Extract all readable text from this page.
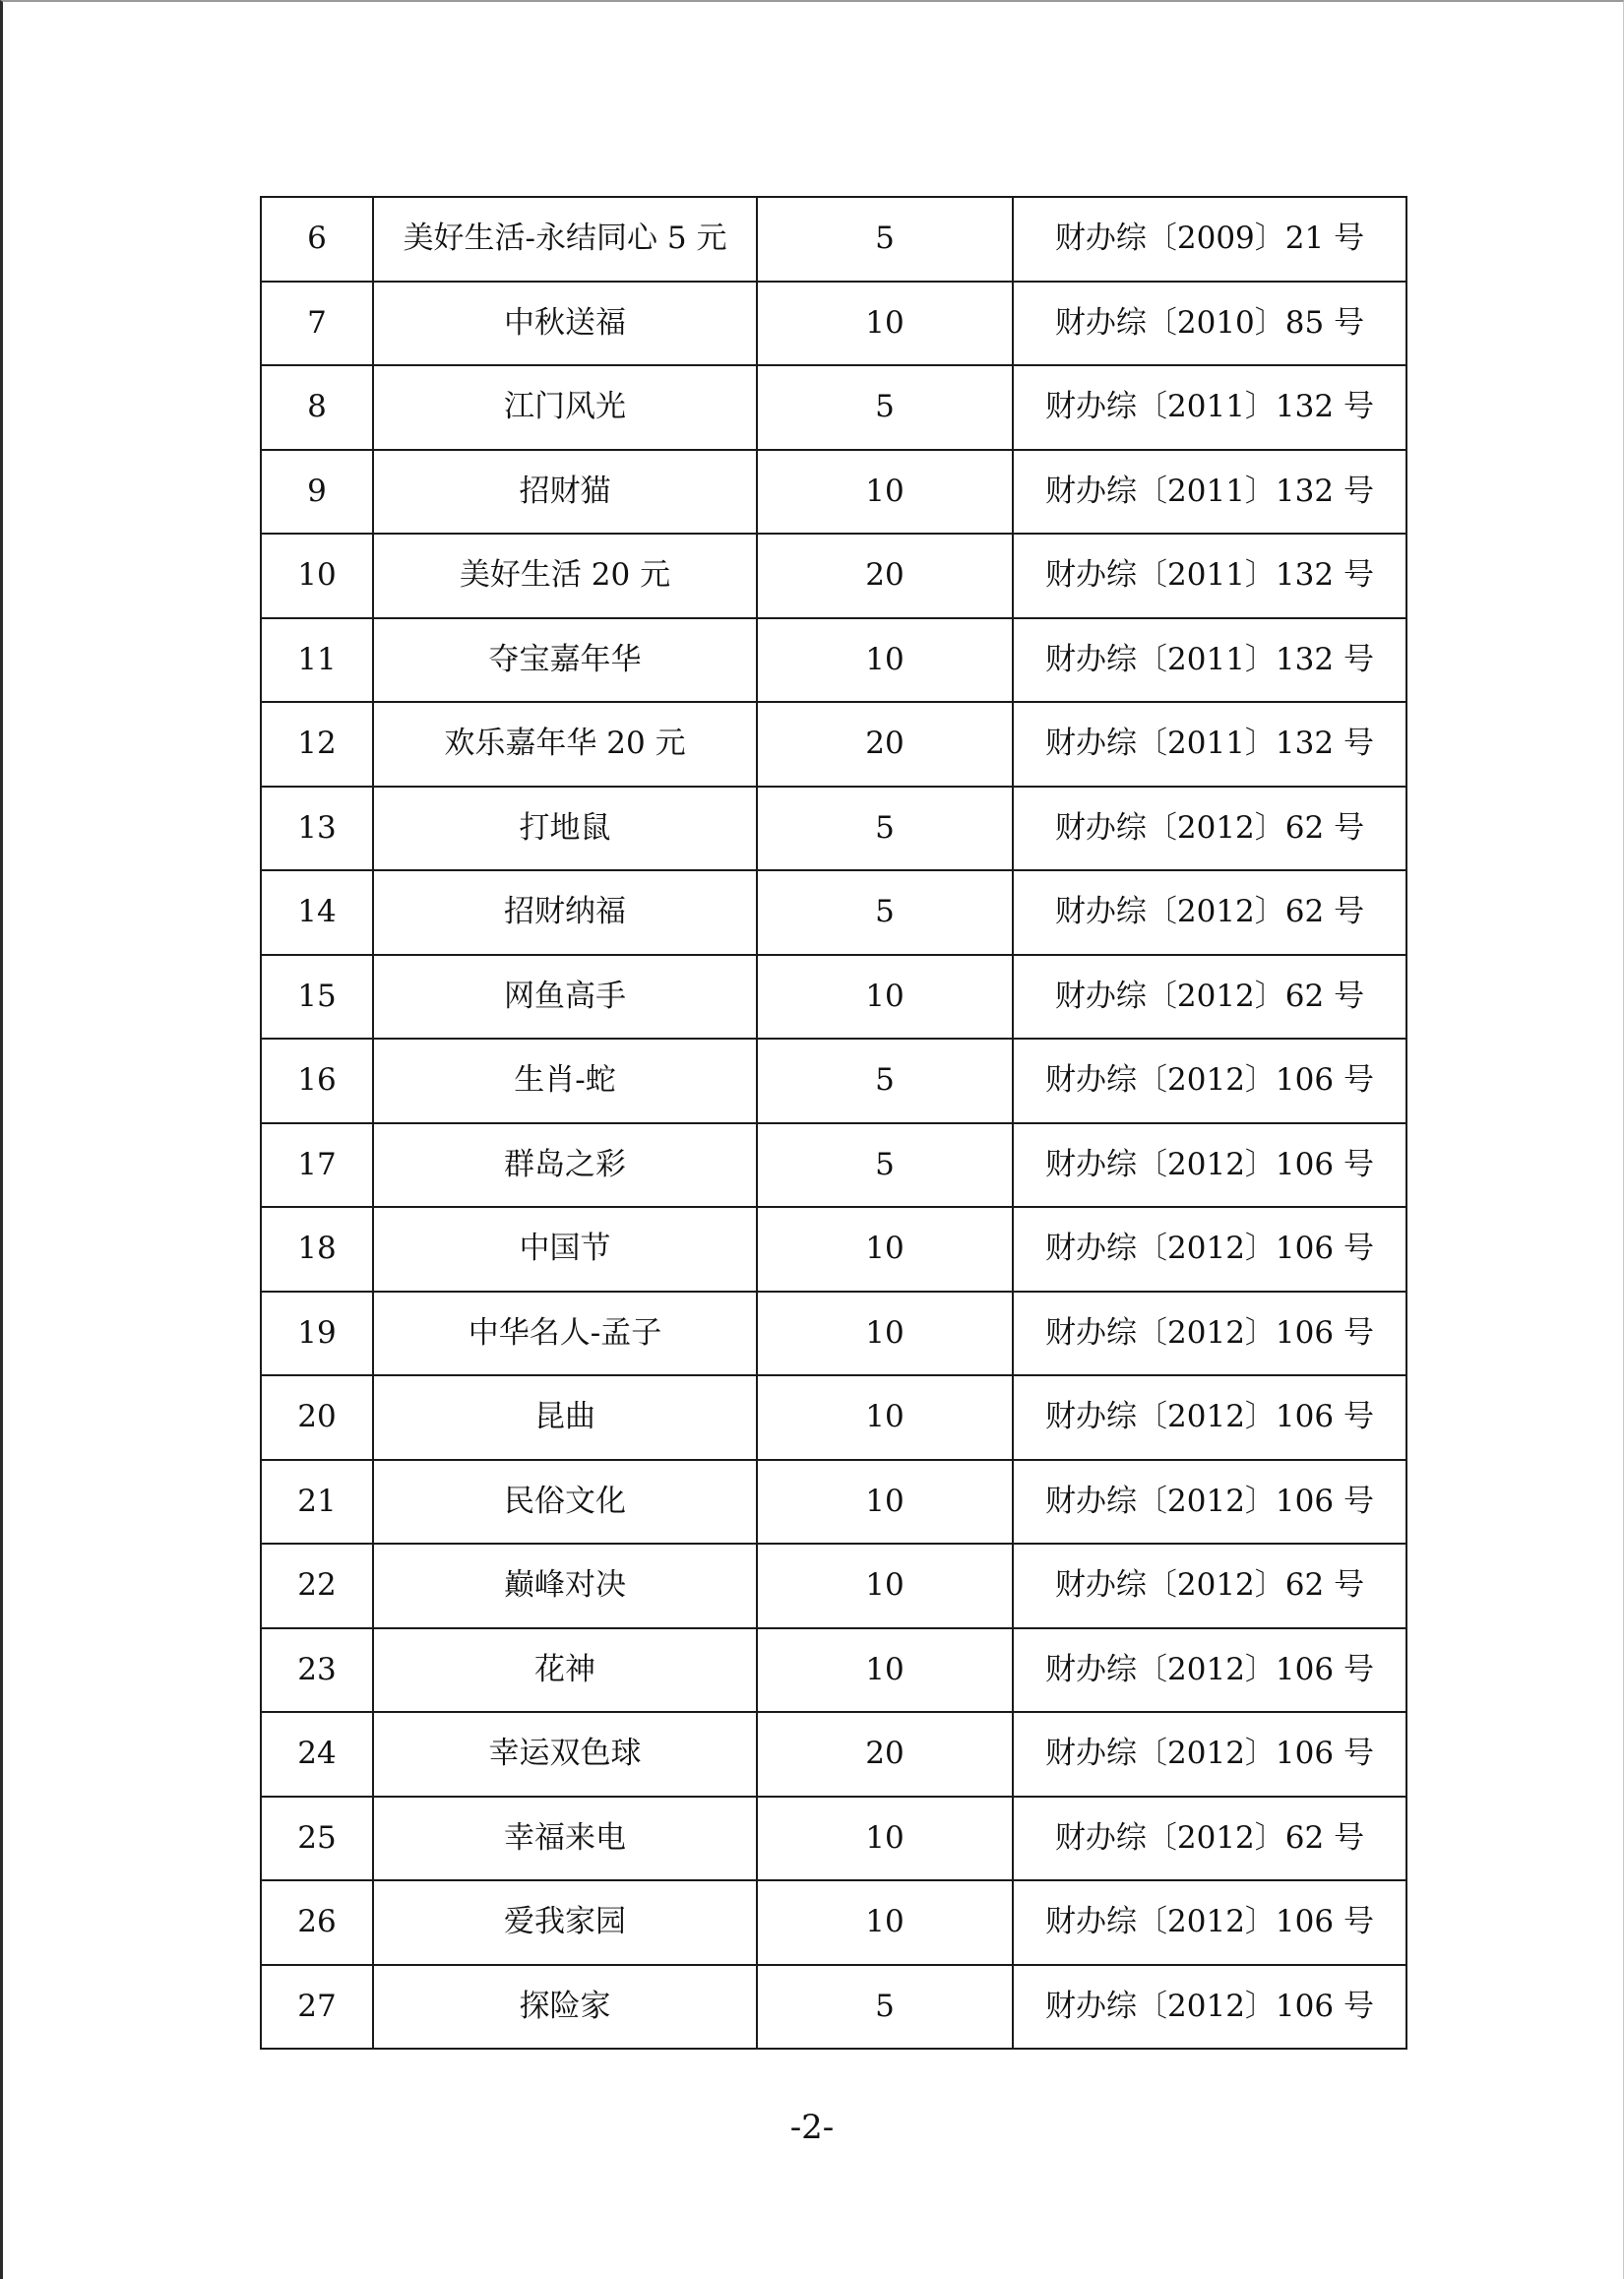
6	美好生活-永结同心 5 元	5	财办综〔2009〕21 号
7	中秋送福	10	财办综〔2010〕85 号
8	江门风光	5	财办综〔2011〕132 号
9	招财猫	10	财办综〔2011〕132 号
10	美好生活 20 元	20	财办综〔2011〕132 号
11	夺宝嘉年华	10	财办综〔2011〕132 号
12	欢乐嘉年华 20 元	20	财办综〔2011〕132 号
13	打地鼠	5	财办综〔2012〕62 号
14	招财纳福	5	财办综〔2012〕62 号
15	网鱼高手	10	财办综〔2012〕62 号
16	生肖-蛇	5	财办综〔2012〕106 号
17	群岛之彩	5	财办综〔2012〕106 号
18	中国节	10	财办综〔2012〕106 号
19	中华名人-孟子	10	财办综〔2012〕106 号
20	昆曲	10	财办综〔2012〕106 号
21	民俗文化	10	财办综〔2012〕106 号
22	巅峰对决	10	财办综〔2012〕62 号
23	花神	10	财办综〔2012〕106 号
24	幸运双色球	20	财办综〔2012〕106 号
25	幸福来电	10	财办综〔2012〕62 号
26	爱我家园	10	财办综〔2012〕106 号
27	探险家	5	财办综〔2012〕106 号
-2-
